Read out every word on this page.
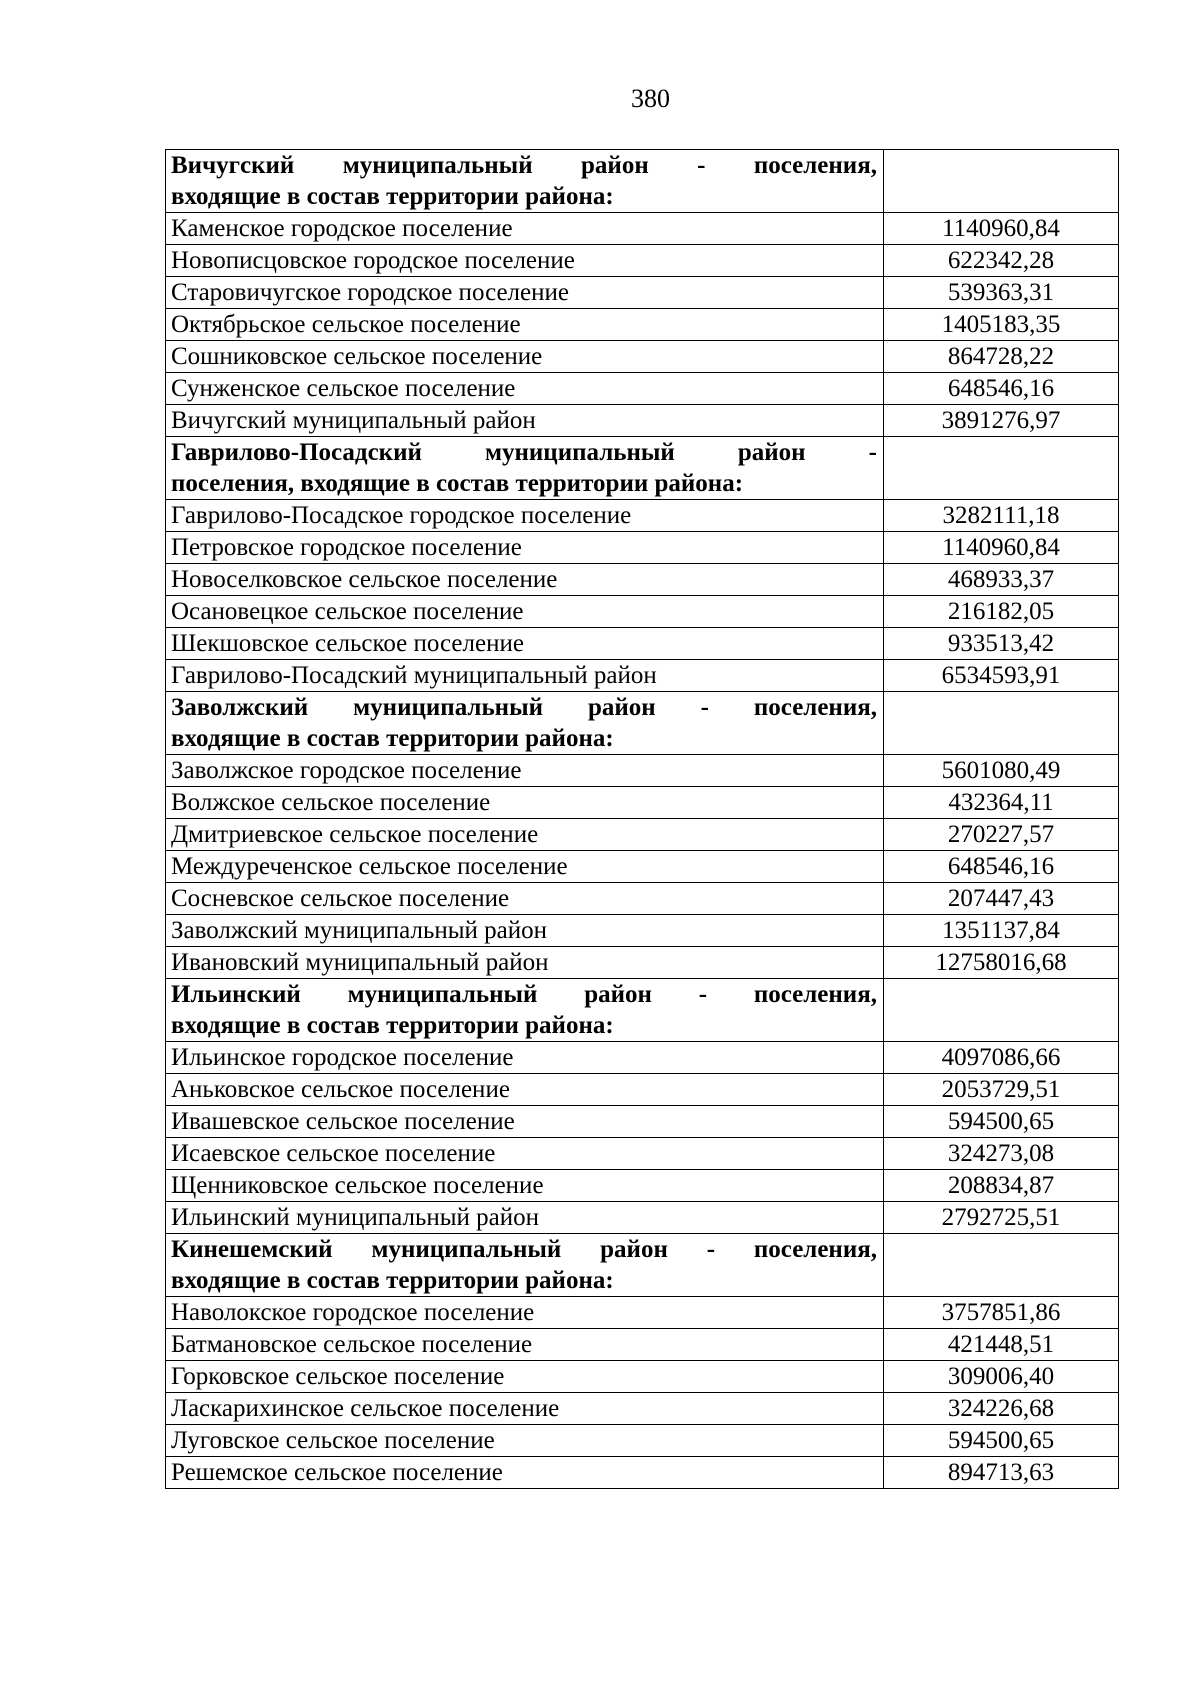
380
Вичугский муниципальный район - поселения,
входящие в состав территории района:	

Каменское городское поселение	1140960,84
Новописцовское городское поселение	622342,28
Старовичугское городское поселение	539363,31
Октябрьское сельское поселение	1405183,35
Сошниковское сельское поселение	864728,22
Сунженское сельское поселение	648546,16
Вичугский муниципальный район	3891276,97

Гаврилово-Посадский муниципальный район -
поселения, входящие в состав территории района:	

Гаврилово-Посадское городское поселение	3282111,18
Петровское городское поселение	1140960,84
Новоселковское сельское поселение	468933,37
Осановецкое сельское поселение	216182,05
Шекшовское сельское поселение	933513,42
Гаврилово-Посадский муниципальный район	6534593,91

Заволжский муниципальный район - поселения,
входящие в состав территории района:	

Заволжское городское поселение	5601080,49
Волжское сельское поселение	432364,11
Дмитриевское сельское поселение	270227,57
Междуреченское сельское поселение	648546,16
Сосневское сельское поселение	207447,43
Заволжский муниципальный район	1351137,84
Ивановский муниципальный район	12758016,68

Ильинский муниципальный район - поселения,
входящие в состав территории района:	

Ильинское городское поселение	4097086,66
Аньковское сельское поселение	2053729,51
Ивашевское сельское поселение	594500,65
Исаевское сельское поселение	324273,08
Щенниковское сельское поселение	208834,87
Ильинский муниципальный район	2792725,51

Кинешемский муниципальный район - поселения,
входящие в состав территории района:	

Наволокское городское поселение	3757851,86
Батмановское сельское поселение	421448,51
Горковское сельское поселение	309006,40
Ласкарихинское сельское поселение	324226,68
Луговское сельское поселение	594500,65
Решемское сельское поселение	894713,63
